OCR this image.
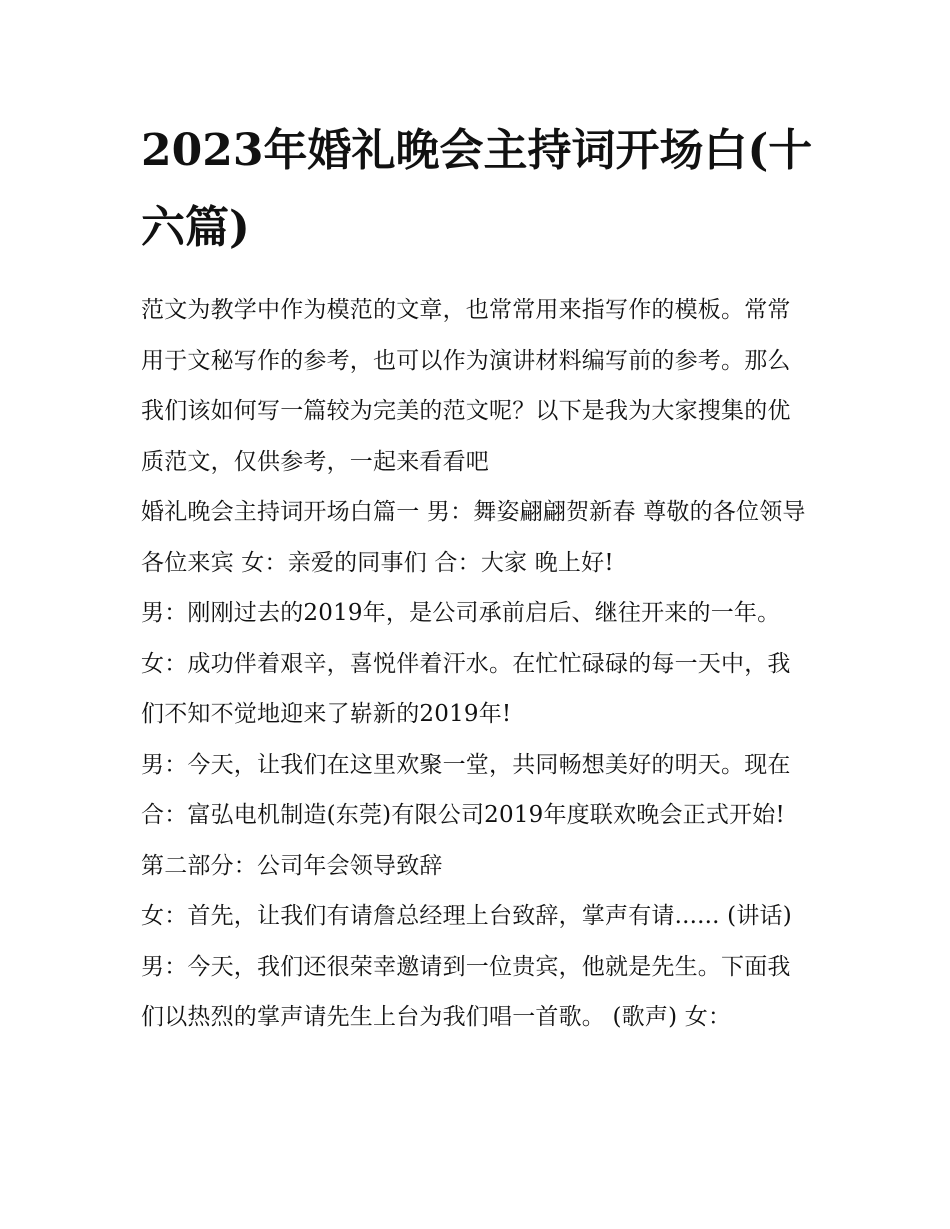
2023年婚礼晚会主持词开场白(十六篇)

范文为教学中作为模范的文章，也常常用来指写作的模板。常常用于文秘写作的参考，也可以作为演讲材料编写前的参考。那么我们该如何写一篇较为完美的范文呢？以下是我为大家搜集的优质范文，仅供参考，一起来看看吧

婚礼晚会主持词开场白篇一 男：舞姿翩翩贺新春 尊敬的各位领导各位来宾 女：亲爱的同事们 合：大家 晚上好!

男：刚刚过去的2019年，是公司承前启后、继往开来的一年。 女：成功伴着艰辛，喜悦伴着汗水。在忙忙碌碌的每一天中，我们不知不觉地迎来了崭新的2019年!

男：今天，让我们在这里欢聚一堂，共同畅想美好的明天。现在 合：富弘电机制造(东莞)有限公司2019年度联欢晚会正式开始! 第二部分：公司年会领导致辞

女：首先，让我们有请詹总经理上台致辞，掌声有请...... (讲话)

男：今天，我们还很荣幸邀请到一位贵宾，他就是先生。下面我们以热烈的掌声请先生上台为我们唱一首歌。 (歌声) 女：
